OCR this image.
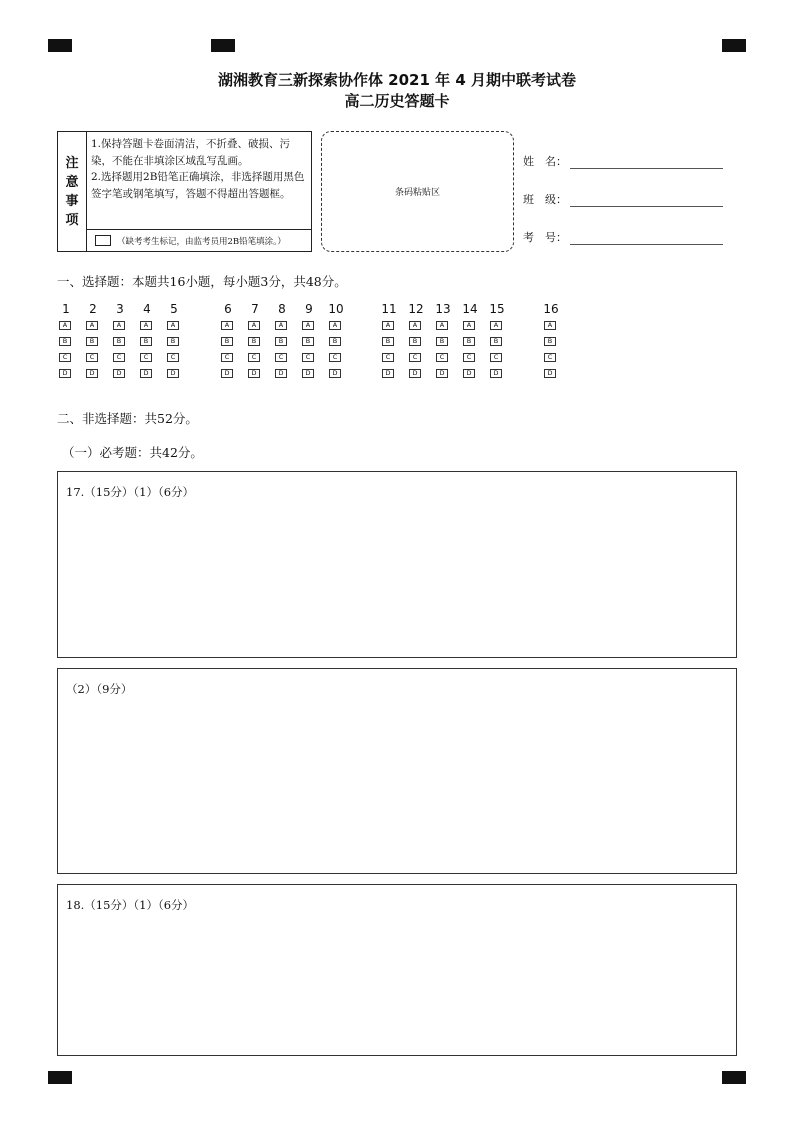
湖湘教育三新探索协作体 2021 年 4 月期中联考试卷
高二历史答题卡
注
意
事
项
1.保持答题卡卷面清洁，不折叠、破损、污染，不能在非填涂区域乱写乱画。
2.选择题用2B铅笔正确填涂，非选择题用黑色签字笔或钢笔填写，答题不得超出答题框。
（缺考考生标记，由监考员用2B铅笔填涂。）
条码粘贴区
姓　名：
班　级：
考　号：
一、选择题：本题共16小题，每小题3分，共48分。
1
A
B
C
D
2
A
B
C
D
3
A
B
C
D
4
A
B
C
D
5
A
B
C
D
6
A
B
C
D
7
A
B
C
D
8
A
B
C
D
9
A
B
C
D
10
A
B
C
D
11
A
B
C
D
12
A
B
C
D
13
A
B
C
D
14
A
B
C
D
15
A
B
C
D
16
A
B
C
D
二、非选择题：共52分。
（一）必考题：共42分。
17.（15分）（1）（6分）
（2）（9分）
18.（15分）（1）（6分）
